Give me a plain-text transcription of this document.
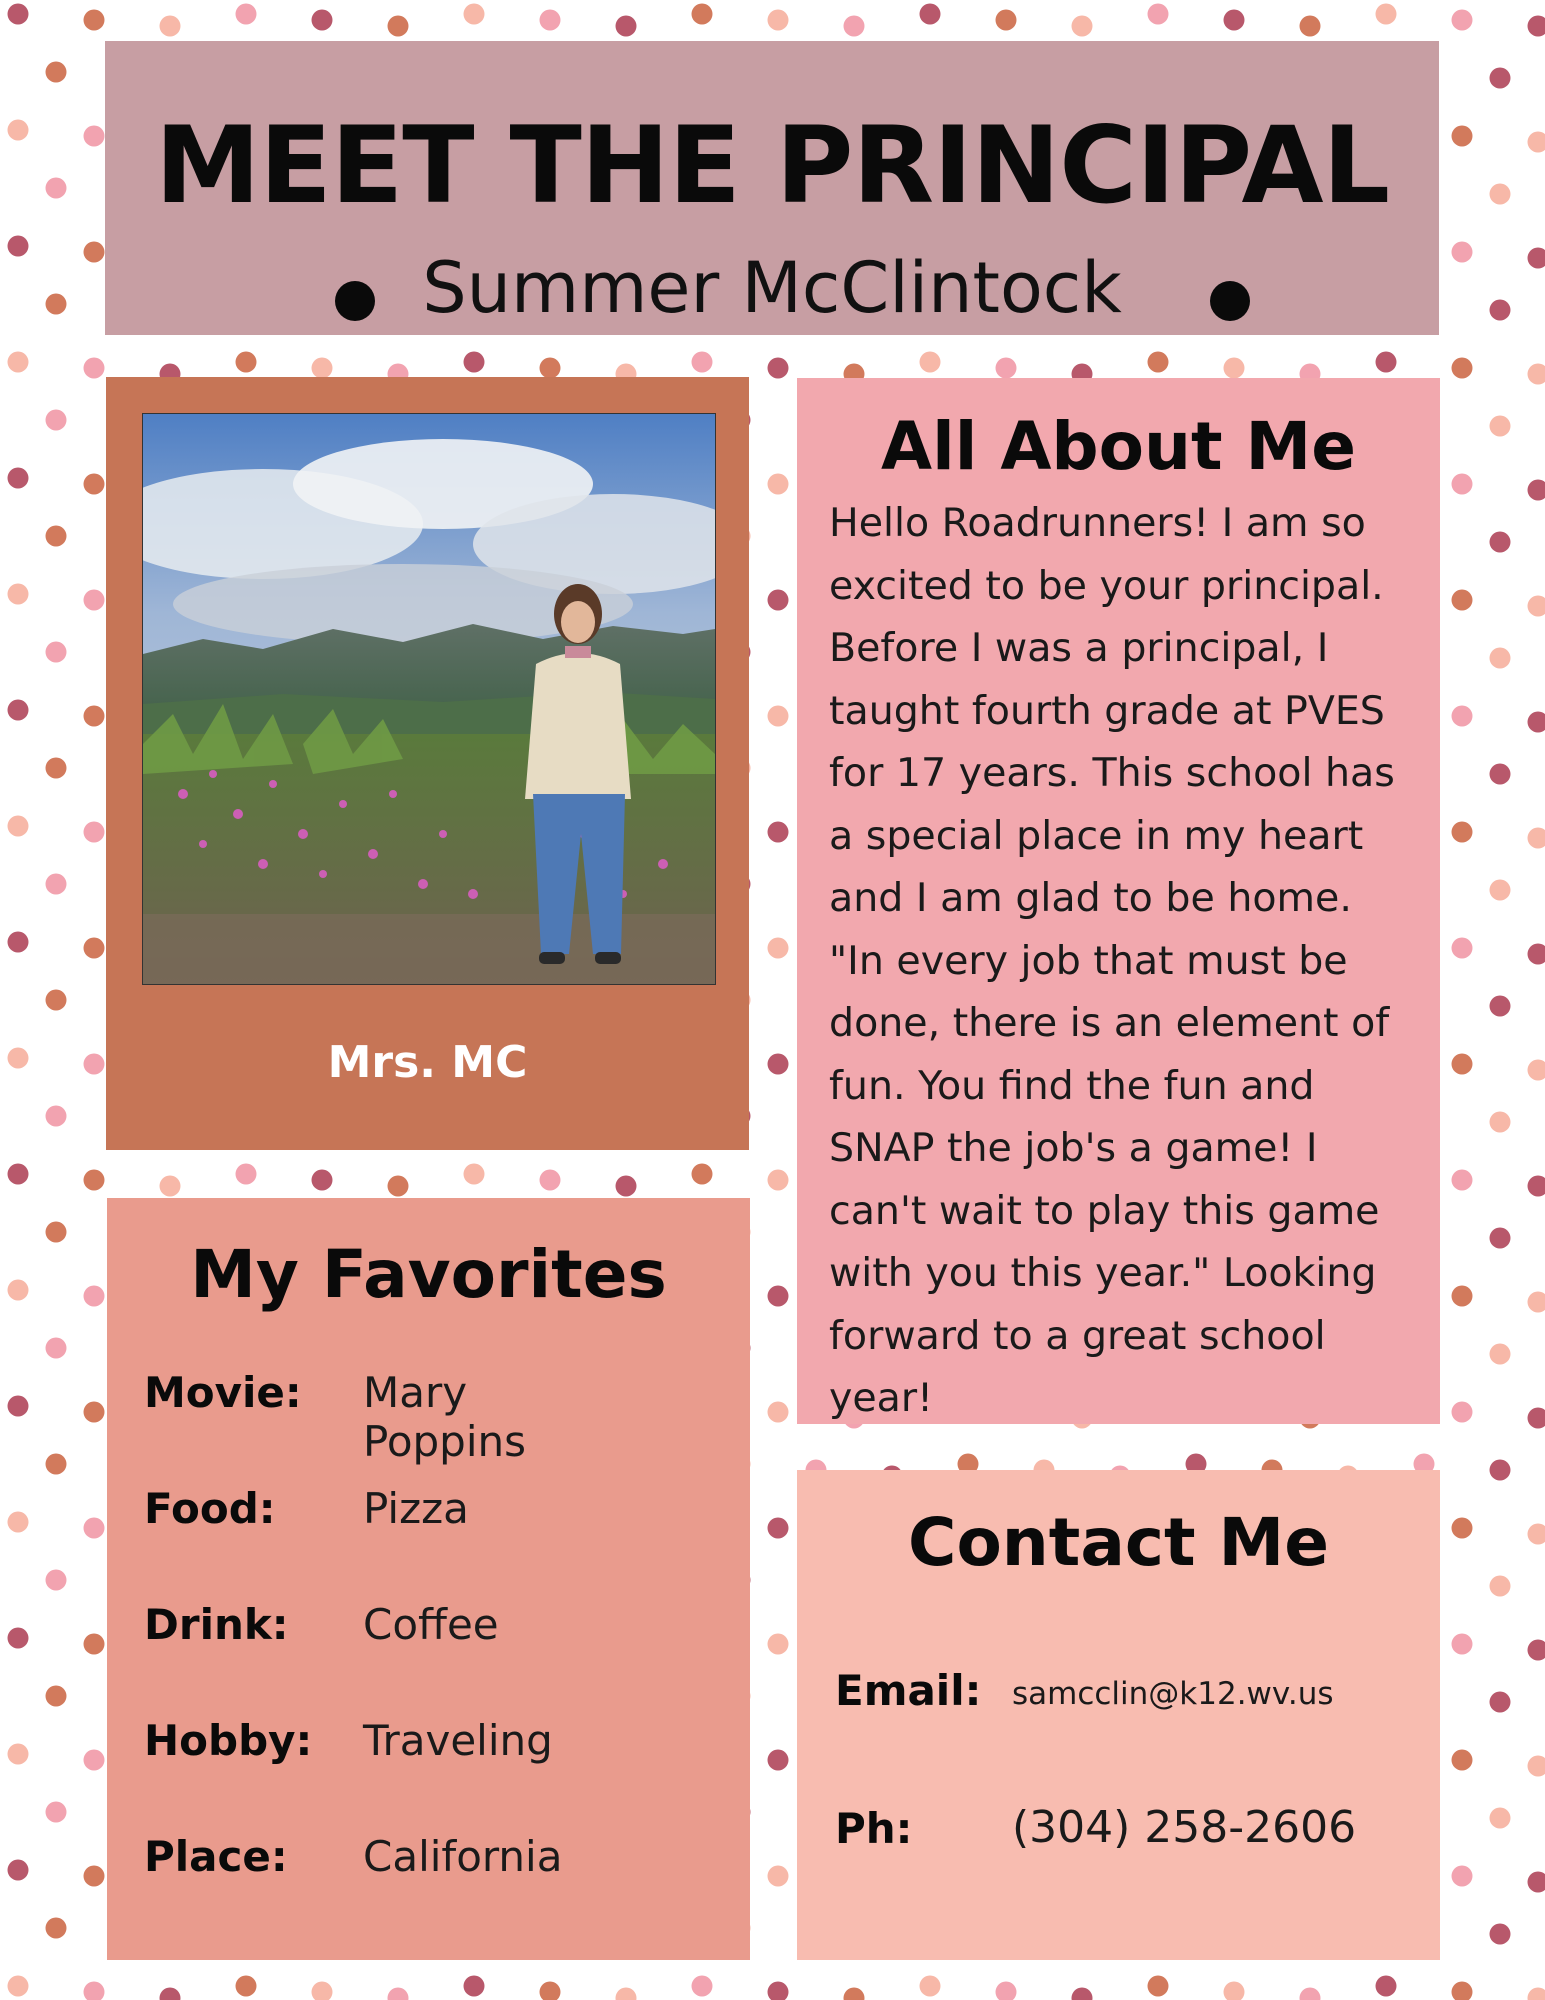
MEET THE PRINCIPAL
Summer McClintock
Mrs. MC
All About Me
Hello Roadrunners! I am so excited to be your principal. Before I was a principal, I taught fourth grade at PVES for 17 years. This school has a special place in my heart and I am glad to be home. "In every job that must be done, there is an element of fun. You find the fun and SNAP the job's a game! I can't wait to play this game with you this year." Looking forward to a great school year!
My Favorites
Movie: Mary Poppins
Food: Pizza
Drink: Coffee
Hobby: Traveling
Place: California
Contact Me
Email: samcclin@k12.wv.us
Ph: (304) 258-2606
